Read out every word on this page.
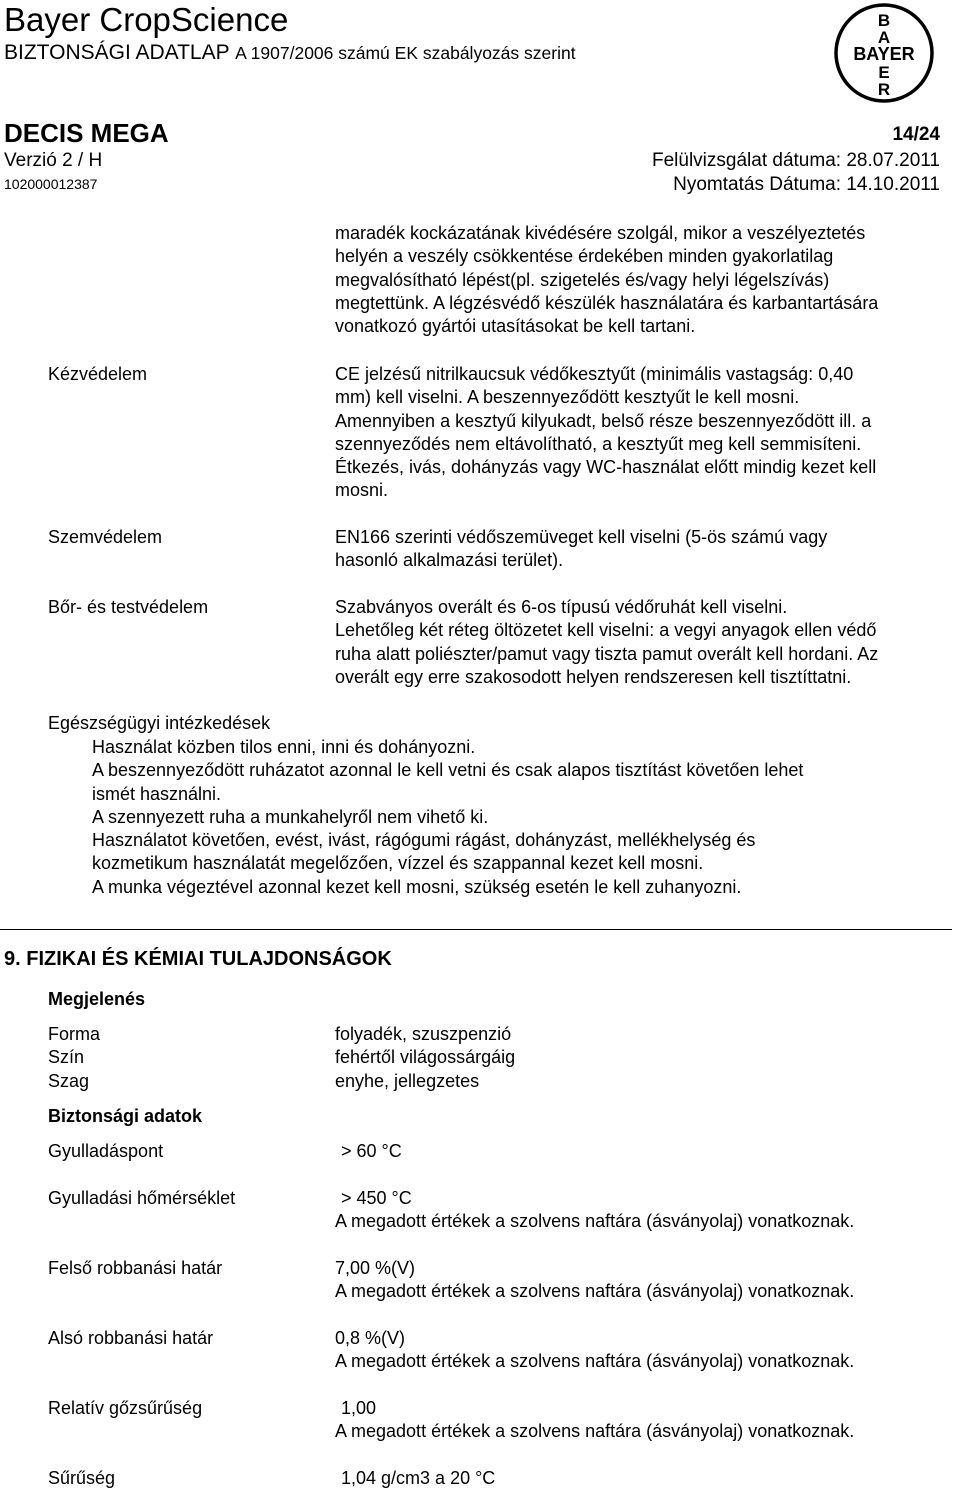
Bayer CropScience
BIZTONSÁGI ADATLAP A 1907/2006 számú EK szabályozás szerint
B
A
BAYER
E
R
DECIS MEGA	14/24
Verzió 2 / H	Felülvizsgálat dátuma: 28.07.2011
102000012387	Nyomtatás Dátuma: 14.10.2011
maradék kockázatának kivédésére szolgál, mikor a veszélyeztetés
helyén a veszély csökkentése érdekében minden gyakorlatilag
megvalósítható lépést(pl. szigetelés és/vagy helyi légelszívás)
megtettünk. A légzésvédő készülék használatára és karbantartására
vonatkozó gyártói utasításokat be kell tartani.
Kézvédelem	CE jelzésű nitrilkaucsuk védőkesztyűt (minimális vastagság: 0,40
mm) kell viselni. A beszennyeződött kesztyűt le kell mosni.
Amennyiben a kesztyű kilyukadt, belső része beszennyeződött ill. a
szennyeződés nem eltávolítható, a kesztyűt meg kell semmisíteni.
Étkezés, ivás, dohányzás vagy WC-használat előtt mindig kezet kell
mosni.
Szemvédelem	EN166 szerinti védőszemüveget kell viselni (5-ös számú vagy
hasonló alkalmazási terület).
Bőr- és testvédelem	Szabványos overált és 6-os típusú védőruhát kell viselni.
Lehetőleg két réteg öltözetet kell viselni: a vegyi anyagok ellen védő
ruha alatt poliészter/pamut vagy tiszta pamut overált kell hordani. Az
overált egy erre szakosodott helyen rendszeresen kell tisztíttatni.
Egészségügyi intézkedések
Használat közben tilos enni, inni és dohányozni.
A beszennyeződött ruházatot azonnal le kell vetni és csak alapos tisztítást követően lehet
ismét használni.
A szennyezett ruha a munkahelyről nem vihető ki.
Használatot követően, evést, ivást, rágógumi rágást, dohányzást, mellékhelység és
kozmetikum használatát megelőzően, vízzel és szappannal kezet kell mosni.
A munka végeztével azonnal kezet kell mosni, szükség esetén le kell zuhanyozni.
9. FIZIKAI ÉS KÉMIAI TULAJDONSÁGOK
Megjelenés
Forma	folyadék, szuszpenzió
Szín	fehértől világossárgáig
Szag	enyhe, jellegzetes
Biztonsági adatok
Gyulladáspont	> 60 °C
Gyulladási hőmérséklet	> 450 °C
A megadott értékek a szolvens naftára (ásványolaj) vonatkoznak.
Felső robbanási határ	7,00 %(V)
A megadott értékek a szolvens naftára (ásványolaj) vonatkoznak.
Alsó robbanási határ	0,8 %(V)
A megadott értékek a szolvens naftára (ásványolaj) vonatkoznak.
Relatív gőzsűrűség	1,00
A megadott értékek a szolvens naftára (ásványolaj) vonatkoznak.
Sűrűség	1,04 g/cm3 a 20 °C
